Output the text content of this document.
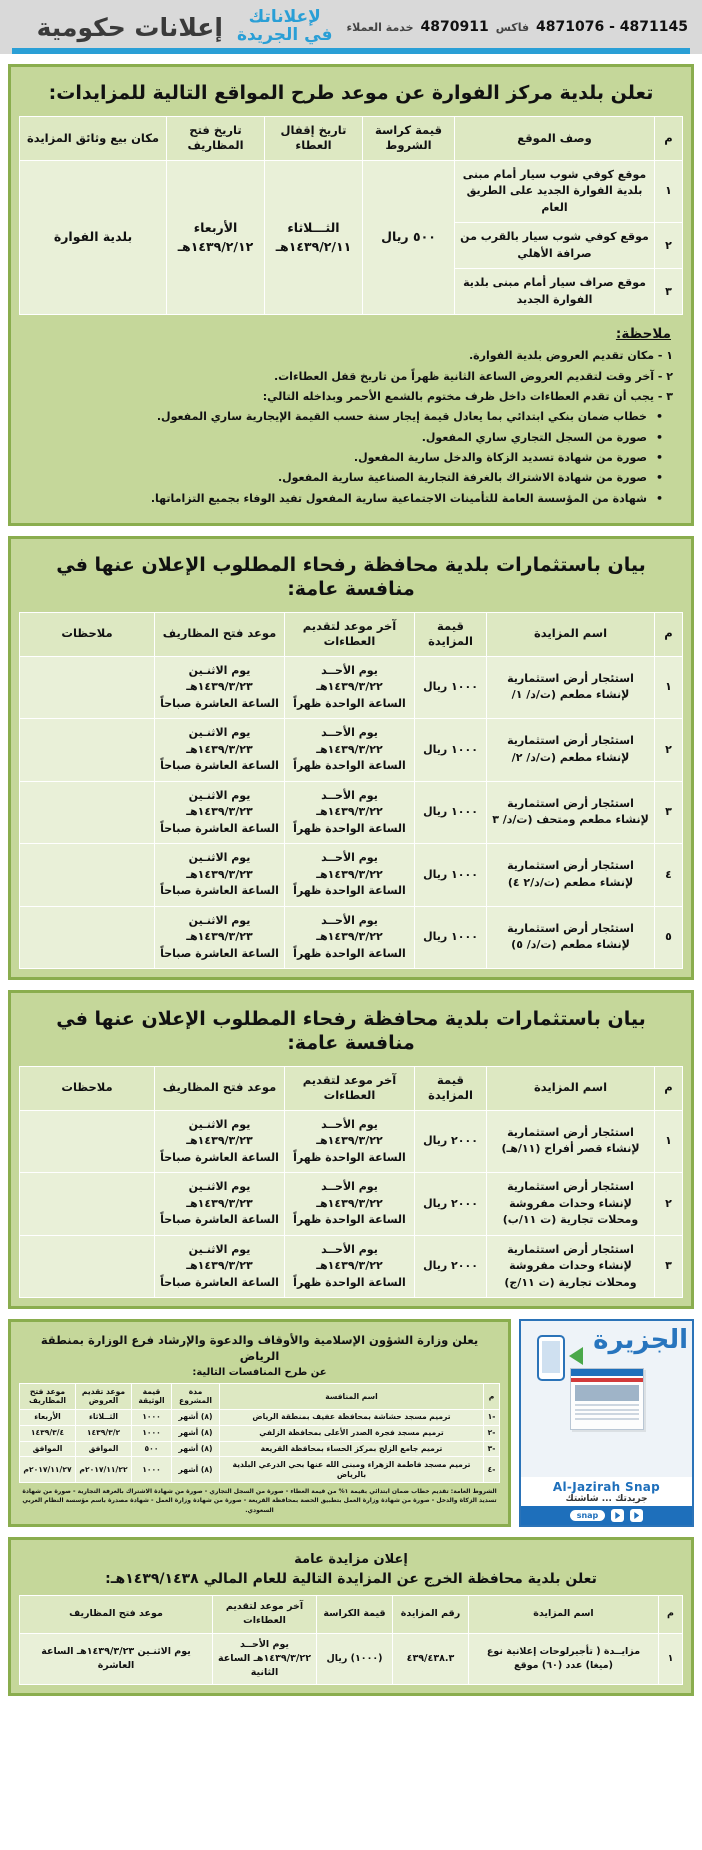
4871145 - 4871076
فاكس
4870911
خدمة العملاء
لإعلاناتك
في الجريدة
إعلانات حكومية
تعلن بلدية مركز الفوارة عن موعد طرح المواقع التالية للمزايدات:
م	وصف الموقع	قيمة كراسة الشروط	تاريخ إقفال العطاء	تاريخ فتح المظاريف	مكان بيع وثائق المزايدة
١	موقع كوفي شوب سيار أمام مبنى بلدية الفوارة الجديد على الطريق العام	٥٠٠ ريال	الثـــلاثاء
١٤٣٩/٢/١١هـ	الأربعاء
١٤٣٩/٢/١٢هـ	بلدية الفوارة
٢	موقع كوفي شوب سيار بالقرب من صرافة الأهلي				
٣	موقع صراف سيار أمام مبنى بلدية الفوارة الجديد				
ملاحظة:
١ - مكان تقديم العروض بلدية الفوارة.
٢ - آخر وقت لتقديم العروض الساعة الثانية ظهراً من تاريخ قفل العطاءات.
٣ - يجب أن تقدم العطاءات داخل ظرف مختوم بالشمع الأحمر وبداخله التالي:
• خطاب ضمان بنكي ابتدائي بما يعادل قيمة إيجار سنة حسب القيمة الإيجارية ساري المفعول.
• صورة من السجل التجاري ساري المفعول.
• صورة من شهادة تسديد الزكاة والدخل سارية المفعول.
• صورة من شهادة الاشتراك بالغرفة التجارية الصناعية سارية المفعول.
• شهادة من المؤسسة العامة للتأمينات الاجتماعية سارية المفعول تفيد الوفاء بجميع التزاماتها.
بيان باستثمارات بلدية محافظة رفحاء المطلوب الإعلان عنها في منافسة عامة:
م	اسم المزايدة	قيمة المزايدة	آخر موعد لتقديم العطاءات	موعد فتح المظاريف	ملاحظات
١	استئجار أرض استثمارية لإنشاء مطعم (ت/د/ ١/	١٠٠٠ ريال	يوم الأحــد
١٤٣٩/٣/٢٢هـ
الساعة الواحدة ظهراً	يوم الاثنـين
١٤٣٩/٣/٢٣هـ
الساعة العاشرة صباحاً	

٢	استئجار أرض استثمارية لإنشاء مطعم (ت/د/ ٢/	١٠٠٠ ريال	يوم الأحــد
١٤٣٩/٣/٢٢هـ
الساعة الواحدة ظهراً	يوم الاثنـين
١٤٣٩/٣/٢٣هـ
الساعة العاشرة صباحاً	

٣	استئجار أرض استثمارية لإنشاء مطعم ومتحف (ت/د/ ٣	١٠٠٠ ريال	يوم الأحــد
١٤٣٩/٣/٢٢هـ
الساعة الواحدة ظهراً	يوم الاثنـين
١٤٣٩/٣/٢٣هـ
الساعة العاشرة صباحاً	

٤	استئجار أرض استثمارية لإنشاء مطعم (ت/د/٢ ٤)	١٠٠٠ ريال	يوم الأحــد
١٤٣٩/٣/٢٢هـ
الساعة الواحدة ظهراً	يوم الاثنـين
١٤٣٩/٣/٢٣هـ
الساعة العاشرة صباحاً	

٥	استئجار أرض استثمارية لإنشاء مطعم (ت/د/ ٥)	١٠٠٠ ريال	يوم الأحــد
١٤٣٩/٣/٢٢هـ
الساعة الواحدة ظهراً	يوم الاثنـين
١٤٣٩/٣/٢٣هـ
الساعة العاشرة صباحاً	

بيان باستثمارات بلدية محافظة رفحاء المطلوب الإعلان عنها في منافسة عامة:
م	اسم المزايدة	قيمة المزايدة	آخر موعد لتقديم العطاءات	موعد فتح المظاريف	ملاحظات
١	استئجار أرض استثمارية لإنشاء قصر أفراح (١١/هـ)	٢٠٠٠ ريال	يوم الأحــد
١٤٣٩/٣/٢٢هـ
الساعة الواحدة ظهراً	يوم الاثنـين
١٤٣٩/٣/٢٣هـ
الساعة العاشرة صباحاً	

٢	استئجار أرض استثمارية لإنشاء وحدات مفروشة ومحلات تجارية (ت ١١/ب)	٢٠٠٠ ريال	يوم الأحــد
١٤٣٩/٣/٢٢هـ
الساعة الواحدة ظهراً	يوم الاثنـين
١٤٣٩/٣/٢٣هـ
الساعة العاشرة صباحاً	

٣	استئجار أرض استثمارية لإنشاء وحدات مفروشة ومحلات تجارية (ت ١١/ج)	٢٠٠٠ ريال	يوم الأحــد
١٤٣٩/٣/٢٢هـ
الساعة الواحدة ظهراً	يوم الاثنـين
١٤٣٩/٣/٢٣هـ
الساعة العاشرة صباحاً	

الجزيرة
Al-Jazirah Snap
جريدتك ... شاشتك
snap
يعلن وزارة الشؤون الإسلامية والأوقاف والدعوة والإرشاد فرع الوزارة بمنطقة الرياض
عن طرح المنافسات التالية:
م	اسم المنافسة	مدة المشروع	قيمة الوثيقة	موعد تقديم العروض	موعد فتح المظاريف
-١	ترميم مسجد حشاشة بمحافظة عفيف بمنطقة الرياض	(٨) أشهر	١٠٠٠	الثــلاثاء	الأربعاء
-٢	ترميم مسجد فجرة الصدر الأعلى بمحافظة الزلفي	(٨) أشهر	١٠٠٠	١٤٣٩/٣/٢	١٤٣٩/٣/٤
-٣	ترميم جامع الزلج بمركز الحساء بمحافظة القريعة	(٨) أشهر	٥٠٠	الموافق	الموافق
-٤	ترميم مسجد فاطمة الزهراء ومبنى الله عنها بحي الدرعي البلدية بالرياض	(٨) أشهر	١٠٠٠	٢٠١٧/١١/٢٢م	٢٠١٧/١١/٢٧م
الشروط العامة: تقديم خطاب ضمان ابتدائي بقيمة ١% من قيمة العطاء - صورة من السجل التجاري - صورة من شهادة الاشتراك بالغرفة التجارية - صورة من شهادة تسديد الزكاة والدخل - صورة من شهادة وزارة العمل بتطبيق الحصة بمحافظة القريعة - صورة من شهادة وزارة العمل - شهادة مصدرة باسم مؤسسة النظام العربي السعودي.
إعلان مزايدة عامة
تعلن بلدية محافظة الخرج عن المزايدة التالية للعام المالي ١٤٣٩/١٤٣٨هـ:
م	اسم المزايدة	رقم المزايدة	قيمة الكراسة	آخر موعد لتقديم العطاءات	موعد فتح المظاريف
١	مزايــدة ( تأجيرلوحات إعلانية نوع (ميغا) عدد (٦٠) موقع	٤٣٩/٤٣٨.٣	(١٠٠٠) ريال	يوم الأحــد ١٤٣٩/٣/٢٢هـ الساعة الثانية	يوم الاثنـين ١٤٣٩/٣/٢٣هـ الساعة العاشرة
